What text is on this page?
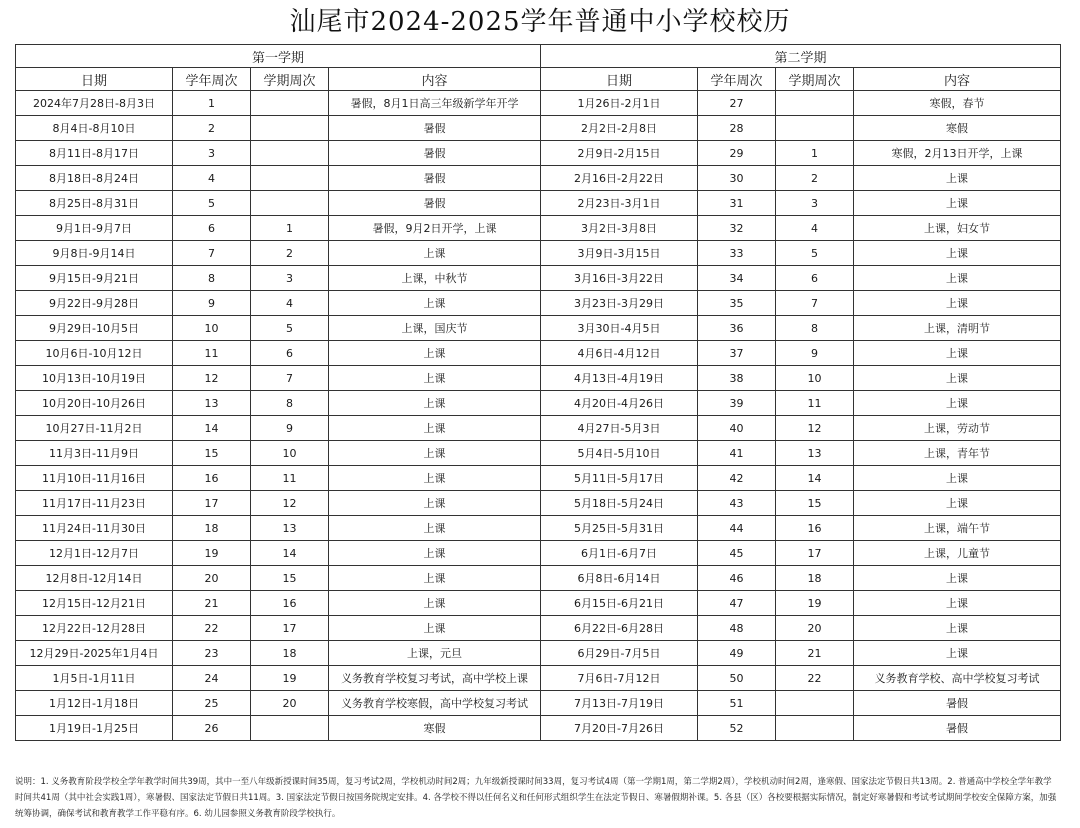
汕尾市2024-2025学年普通中小学校校历
第一学期				第二学期			
日期	学年周次	学期周次	内容	日期	学年周次	学期周次	内容
2024年7月28日-8月3日	1		暑假，8月1日高三年级新学年开学	1月26日-2月1日	27		寒假，春节
8月4日-8月10日	2		暑假	2月2日-2月8日	28		寒假
8月11日-8月17日	3		暑假	2月9日-2月15日	29	1	寒假，2月13日开学，上课
8月18日-8月24日	4		暑假	2月16日-2月22日	30	2	上课
8月25日-8月31日	5		暑假	2月23日-3月1日	31	3	上课
9月1日-9月7日	6	1	暑假，9月2日开学，上课	3月2日-3月8日	32	4	上课，妇女节
9月8日-9月14日	7	2	上课	3月9日-3月15日	33	5	上课
9月15日-9月21日	8	3	上课，中秋节	3月16日-3月22日	34	6	上课
9月22日-9月28日	9	4	上课	3月23日-3月29日	35	7	上课
9月29日-10月5日	10	5	上课，国庆节	3月30日-4月5日	36	8	上课，清明节
10月6日-10月12日	11	6	上课	4月6日-4月12日	37	9	上课
10月13日-10月19日	12	7	上课	4月13日-4月19日	38	10	上课
10月20日-10月26日	13	8	上课	4月20日-4月26日	39	11	上课
10月27日-11月2日	14	9	上课	4月27日-5月3日	40	12	上课，劳动节
11月3日-11月9日	15	10	上课	5月4日-5月10日	41	13	上课，青年节
11月10日-11月16日	16	11	上课	5月11日-5月17日	42	14	上课
11月17日-11月23日	17	12	上课	5月18日-5月24日	43	15	上课
11月24日-11月30日	18	13	上课	5月25日-5月31日	44	16	上课，端午节
12月1日-12月7日	19	14	上课	6月1日-6月7日	45	17	上课，儿童节
12月8日-12月14日	20	15	上课	6月8日-6月14日	46	18	上课
12月15日-12月21日	21	16	上课	6月15日-6月21日	47	19	上课
12月22日-12月28日	22	17	上课	6月22日-6月28日	48	20	上课
12月29日-2025年1月4日	23	18	上课，元旦	6月29日-7月5日	49	21	上课
1月5日-1月11日	24	19	义务教育学校复习考试，高中学校上课	7月6日-7月12日	50	22	义务教育学校、高中学校复习考试
1月12日-1月18日	25	20	义务教育学校寒假，高中学校复习考试	7月13日-7月19日	51		暑假
1月19日-1月25日	26		寒假	7月20日-7月26日	52		暑假
说明：1. 义务教育阶段学校全学年教学时间共39周，其中一至八年级新授课时间35周，复习考试2周，学校机动时间2周；九年级新授课时间33周，复习考试4周（第一学期1周，第二学期2周），学校机动时间2周，逢寒假、国家法定节假日共13周。2. 普通高中学校全学年教学时间共41周（其中社会实践1周），寒暑假、国家法定节假日共11周。3. 国家法定节假日按国务院规定安排。4. 各学校不得以任何名义和任何形式组织学生在法定节假日、寒暑假期补课。5. 各县（区）各校要根据实际情况，制定好寒暑假和考试考试期间学校安全保障方案，加强统筹协调，确保考试和教育教学工作平稳有序。6. 幼儿园参照义务教育阶段学校执行。
